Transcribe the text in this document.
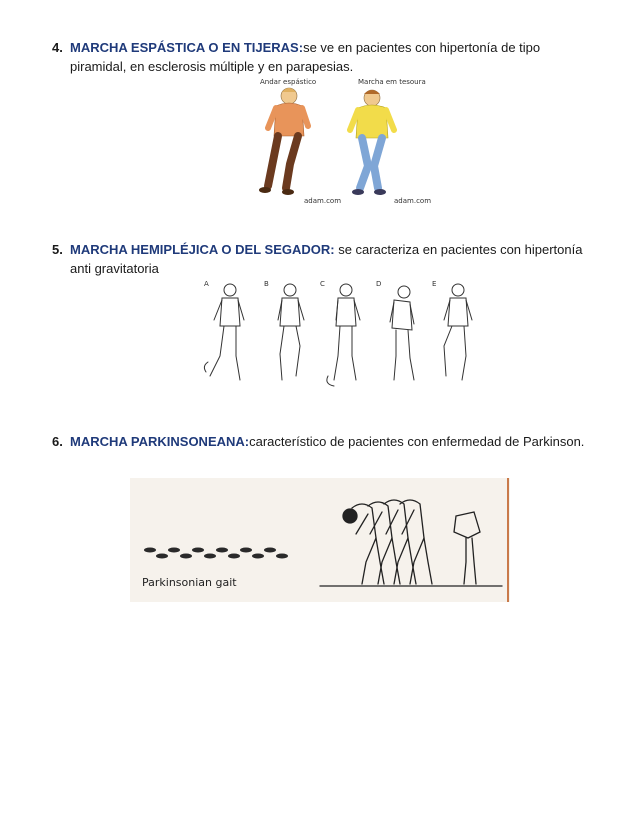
4. MARCHA ESPÁSTICA O EN TIJERAS:se ve en pacientes con hipertonía de tipo piramidal, en esclerosis múltiple y en parapesias.
Andar espástico	Marcha em tesoura
adam.com	adam.com
5. MARCHA HEMIPLÉJICA O DEL SEGADOR: se caracteriza en pacientes con hipertonía anti gravitatoria
A	B	C	D	E
6. MARCHA PARKINSONEANA:característico de pacientes con enfermedad de Parkinson.
Parkinsonian gait
